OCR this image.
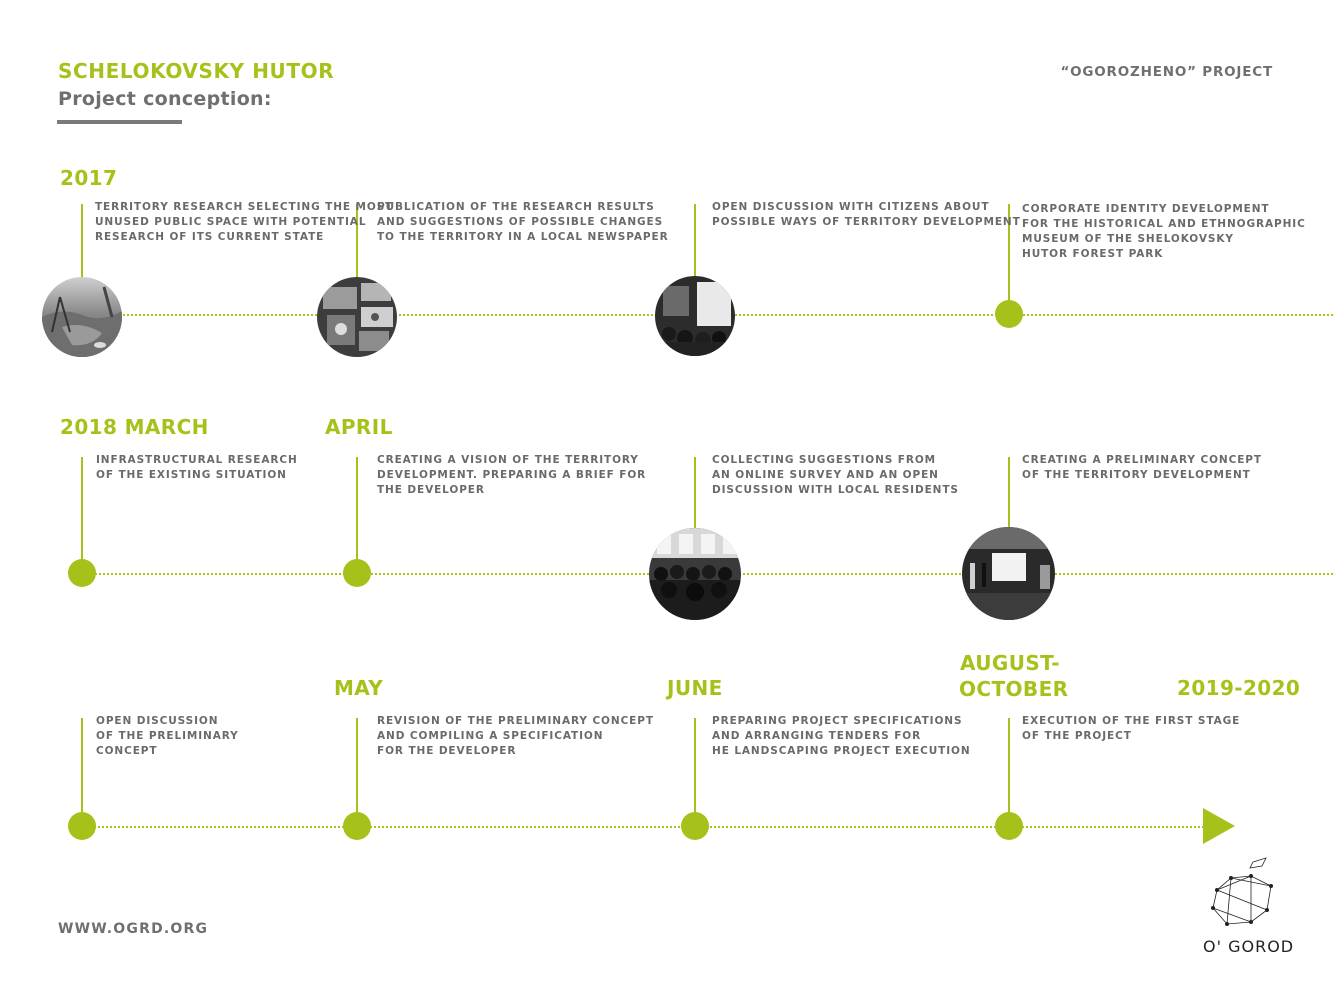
SCHELOKOVSKY HUTOR
Project conception:
“OGOROZHENO” PROJECT
2017
TERRITORY RESEARCH SELECTING THE MOST
UNUSED PUBLIC SPACE WITH POTENTIAL
RESEARCH OF ITS CURRENT STATE
PUBLICATION OF THE RESEARCH RESULTS
AND SUGGESTIONS OF POSSIBLE CHANGES
TO THE TERRITORY IN A LOCAL NEWSPAPER
OPEN DISCUSSION WITH CITIZENS ABOUT
POSSIBLE WAYS OF TERRITORY DEVELOPMENT
CORPORATE IDENTITY DEVELOPMENT
FOR THE HISTORICAL AND ETHNOGRAPHIC
MUSEUM OF THE SHELOKOVSKY
HUTOR FOREST PARK
2018 MARCH	APRIL
INFRASTRUCTURAL RESEARCH
OF THE EXISTING SITUATION
CREATING A VISION OF THE TERRITORY
DEVELOPMENT. PREPARING A BRIEF FOR
THE DEVELOPER
COLLECTING SUGGESTIONS FROM
AN ONLINE SURVEY AND AN OPEN
DISCUSSION WITH LOCAL RESIDENTS
CREATING A PRELIMINARY CONCEPT
OF THE TERRITORY DEVELOPMENT
MAY	JUNE
AUGUST-
OCTOBER	2019-2020
OPEN DISCUSSION
OF THE PRELIMINARY
CONCEPT
REVISION OF THE PRELIMINARY CONCEPT
AND COMPILING A SPECIFICATION
FOR THE DEVELOPER
PREPARING PROJECT SPECIFICATIONS
AND ARRANGING TENDERS FOR
HE LANDSCAPING PROJECT EXECUTION
EXECUTION OF THE FIRST STAGE
OF THE PROJECT
WWW.OGRD.ORG
O' GOROD
